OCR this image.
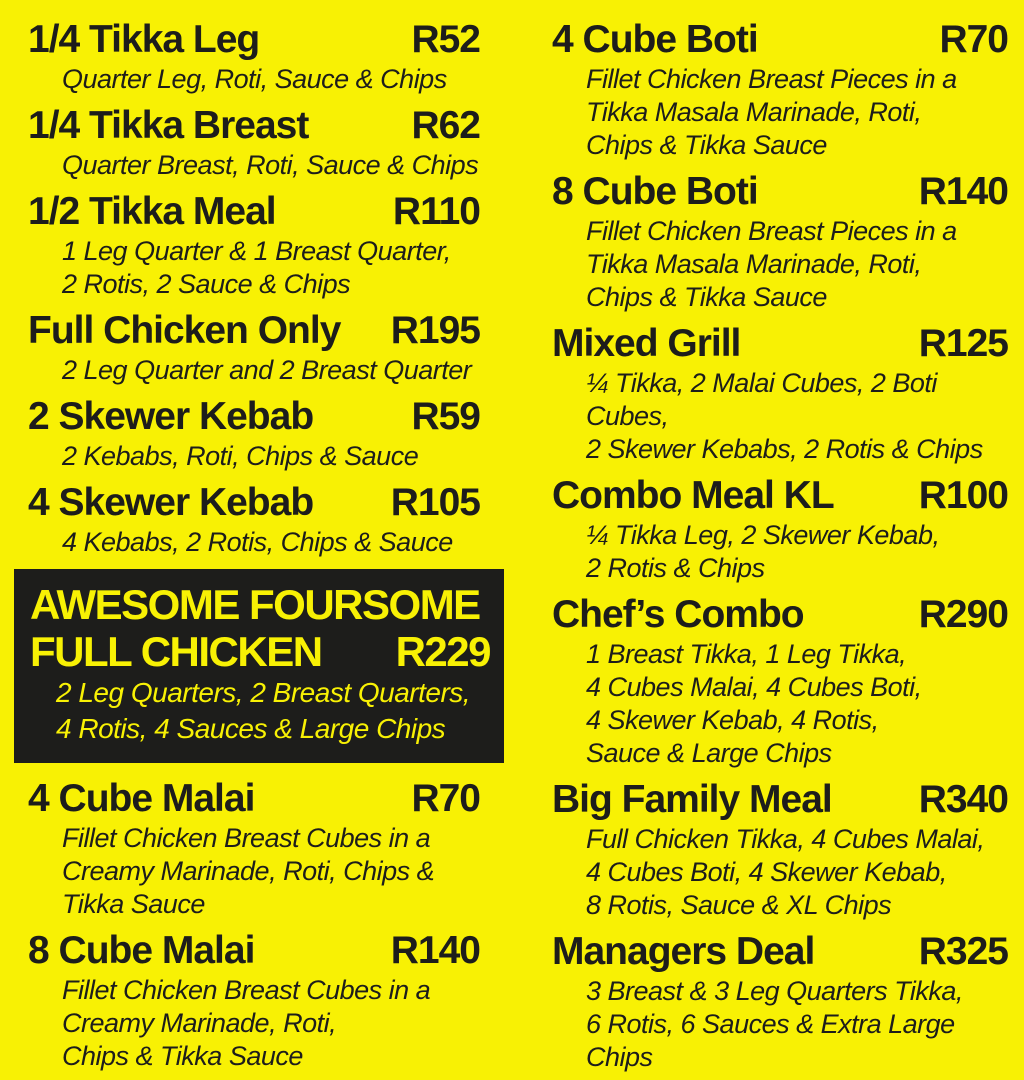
1/4 Tikka Leg	R52
Quarter Leg, Roti, Sauce & Chips
1/4 Tikka Breast	R62
Quarter Breast, Roti, Sauce & Chips
1/2 Tikka Meal	R110
1 Leg Quarter & 1 Breast Quarter,
2 Rotis, 2 Sauce & Chips
Full Chicken Only R195
2 Leg Quarter and 2 Breast Quarter
2 Skewer Kebab	R59
2 Kebabs, Roti, Chips & Sauce
4 Skewer Kebab R105
4 Kebabs, 2 Rotis, Chips & Sauce
AWESOME FOURSOME
FULL CHICKEN R229
2 Leg Quarters, 2 Breast Quarters,
4 Rotis, 4 Sauces & Large Chips
4 Cube Malai	R70
Fillet Chicken Breast Cubes in a
Creamy Marinade, Roti, Chips &
Tikka Sauce
8 Cube Malai	R140
Fillet Chicken Breast Cubes in a
Creamy Marinade, Roti,
Chips & Tikka Sauce
4 Cube Boti	R70
Fillet Chicken Breast Pieces in a
Tikka Masala Marinade, Roti,
Chips & Tikka Sauce
8 Cube Boti	R140
Fillet Chicken Breast Pieces in a
Tikka Masala Marinade, Roti,
Chips & Tikka Sauce
Mixed Grill	R125
¼ Tikka, 2 Malai Cubes, 2 Boti Cubes,
2 Skewer Kebabs, 2 Rotis & Chips
Combo Meal KL R100
¼ Tikka Leg, 2 Skewer Kebab,
2 Rotis & Chips
Chef’s Combo	R290
1 Breast Tikka, 1 Leg Tikka,
4 Cubes Malai, 4 Cubes Boti,
4 Skewer Kebab, 4 Rotis,
Sauce & Large Chips
Big Family Meal R340
Full Chicken Tikka, 4 Cubes Malai,
4 Cubes Boti, 4 Skewer Kebab,
8 Rotis, Sauce & XL Chips
Managers Deal	R325
3 Breast & 3 Leg Quarters Tikka,
6 Rotis, 6 Sauces & Extra Large Chips
